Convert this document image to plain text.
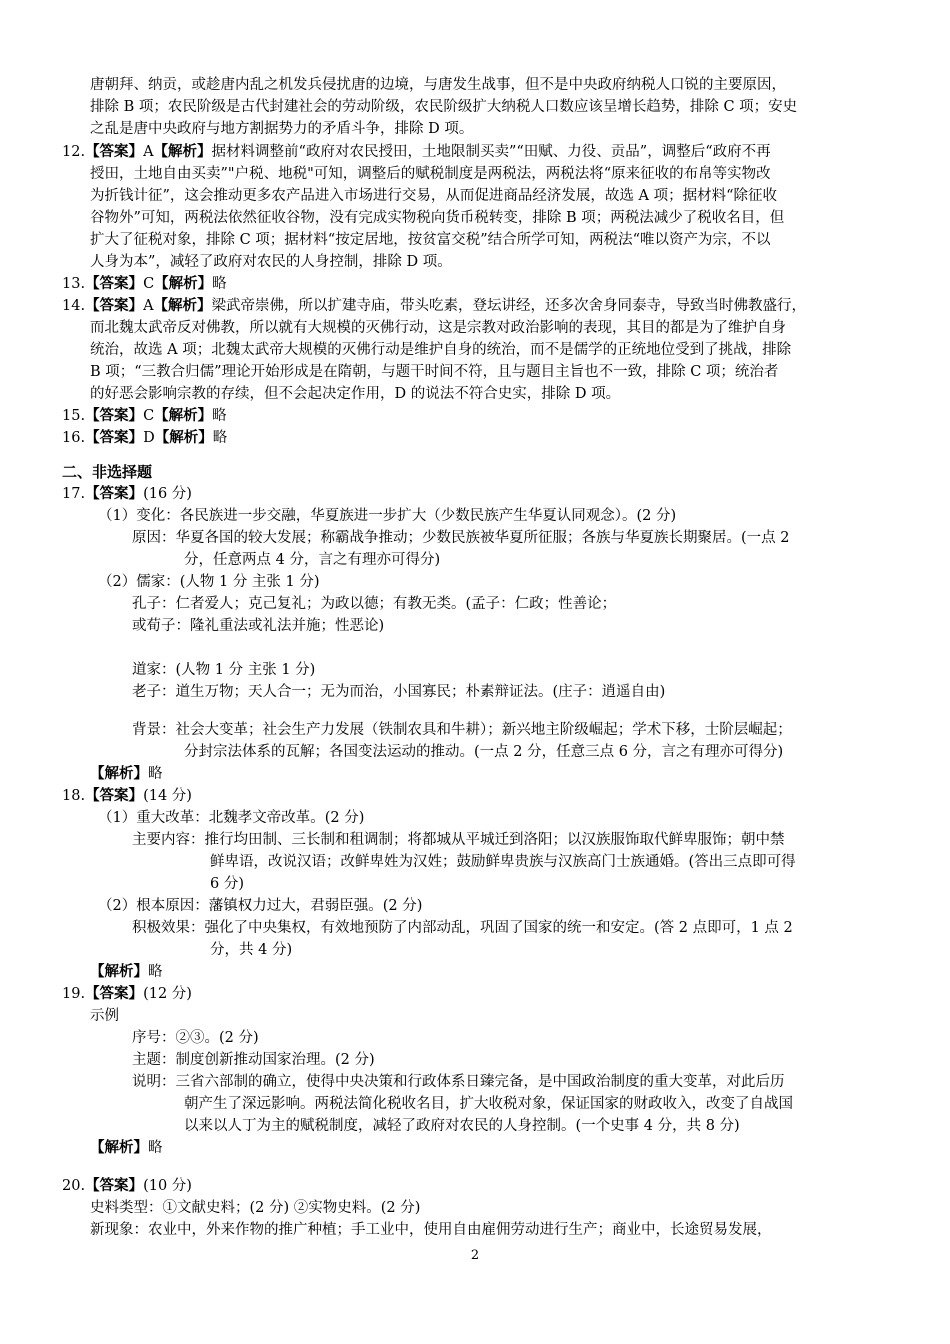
唐朝拜、纳贡，或趁唐内乱之机发兵侵扰唐的边境，与唐发生战事，但不是中央政府纳税人口锐的主要原因，
排除 B 项；农民阶级是古代封建社会的劳动阶级，农民阶级扩大纳税人口数应该呈增长趋势，排除 C 项；安史
之乱是唐中央政府与地方割据势力的矛盾斗争，排除 D 项。
12.【答案】A【解析】据材料调整前“政府对农民授田，土地限制买卖”“田赋、力役、贡品”，调整后“政府不再
授田，土地自由买卖”"户税、地税"可知，调整后的赋税制度是两税法，两税法将“原来征收的布帛等实物改
为折钱计征”，这会推动更多农产品进入市场进行交易，从而促进商品经济发展，故选 A 项；据材料“除征收
谷物外”可知，两税法依然征收谷物，没有完成实物税向货币税转变，排除 B 项；两税法减少了税收名目，但
扩大了征税对象，排除 C 项；据材料“按定居地，按贫富交税”结合所学可知，两税法“唯以资产为宗，不以
人身为本”，减轻了政府对农民的人身控制，排除 D 项。
13.【答案】C【解析】略
14.【答案】A【解析】梁武帝崇佛，所以扩建寺庙，带头吃素，登坛讲经，还多次舍身同泰寺，导致当时佛教盛行，
而北魏太武帝反对佛教，所以就有大规模的灭佛行动，这是宗教对政治影响的表现，其目的都是为了维护自身
统治，故选 A 项；北魏太武帝大规模的灭佛行动是维护自身的统治，而不是儒学的正统地位受到了挑战，排除
B 项；“三教合归儒”理论开始形成是在隋朝，与题干时间不符，且与题目主旨也不一致，排除 C 项；统治者
的好恶会影响宗教的存续，但不会起决定作用，D 的说法不符合史实，排除 D 项。
15.【答案】C【解析】略
16.【答案】D【解析】略
二、非选择题
17.【答案】(16 分)
（1）变化：各民族进一步交融，华夏族进一步扩大（少数民族产生华夏认同观念）。(2 分)
原因：华夏各国的较大发展；称霸战争推动；少数民族被华夏所征服；各族与华夏族长期聚居。(一点 2
分，任意两点 4 分，言之有理亦可得分)
（2）儒家：(人物 1 分 主张 1 分)
孔子：仁者爱人；克己复礼；为政以德；有教无类。(孟子：仁政；性善论；
或荀子：隆礼重法或礼法并施；性恶论)
道家：(人物 1 分 主张 1 分)
老子：道生万物；天人合一；无为而治，小国寡民；朴素辩证法。(庄子：逍遥自由)
背景：社会大变革；社会生产力发展（铁制农具和牛耕）；新兴地主阶级崛起；学术下移，士阶层崛起；
分封宗法体系的瓦解；各国变法运动的推动。(一点 2 分，任意三点 6 分，言之有理亦可得分)
【解析】略
18.【答案】(14 分)
（1）重大改革：北魏孝文帝改革。(2 分)
主要内容：推行均田制、三长制和租调制；将都城从平城迁到洛阳；以汉族服饰取代鲜卑服饰；朝中禁
鲜卑语，改说汉语；改鲜卑姓为汉姓；鼓励鲜卑贵族与汉族高门士族通婚。(答出三点即可得
6 分)
（2）根本原因：藩镇权力过大，君弱臣强。(2 分)
积极效果：强化了中央集权，有效地预防了内部动乱，巩固了国家的统一和安定。(答 2 点即可，1 点 2
分，共 4 分)
【解析】略
19.【答案】(12 分)
示例
序号：②③。(2 分)
主题：制度创新推动国家治理。(2 分)
说明：三省六部制的确立，使得中央决策和行政体系日臻完备，是中国政治制度的重大变革，对此后历
朝产生了深远影响。两税法简化税收名目，扩大收税对象，保证国家的财政收入，改变了自战国
以来以人丁为主的赋税制度，减轻了政府对农民的人身控制。(一个史事 4 分，共 8 分)
【解析】略
20.【答案】(10 分)
史料类型：①文献史料；(2 分) ②实物史料。(2 分)
新现象：农业中，外来作物的推广种植；手工业中，使用自由雇佣劳动进行生产；商业中，长途贸易发展，
2
